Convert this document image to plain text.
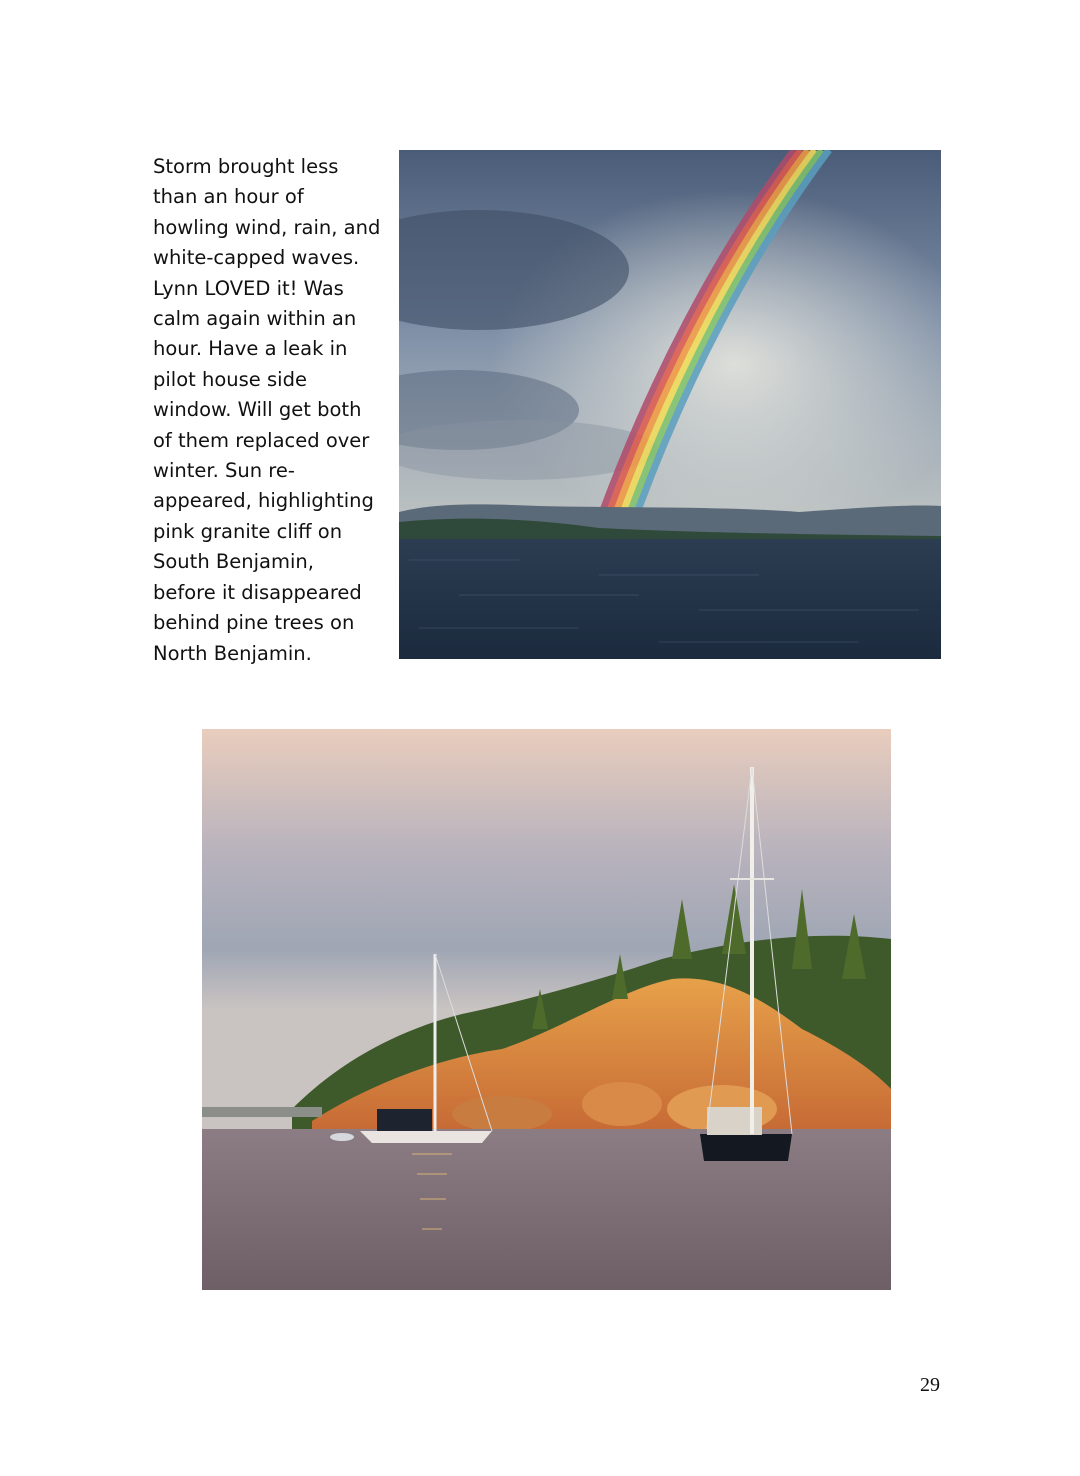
Storm brought less
than an hour of
howling wind, rain, and
white-capped waves.
Lynn LOVED it! Was
calm again within an
hour. Have a leak in
pilot house side
window. Will get both
of them replaced over
winter. Sun re-
appeared, highlighting
pink granite cliff on
South Benjamin,
before it disappeared
behind pine trees on
North Benjamin.
29
